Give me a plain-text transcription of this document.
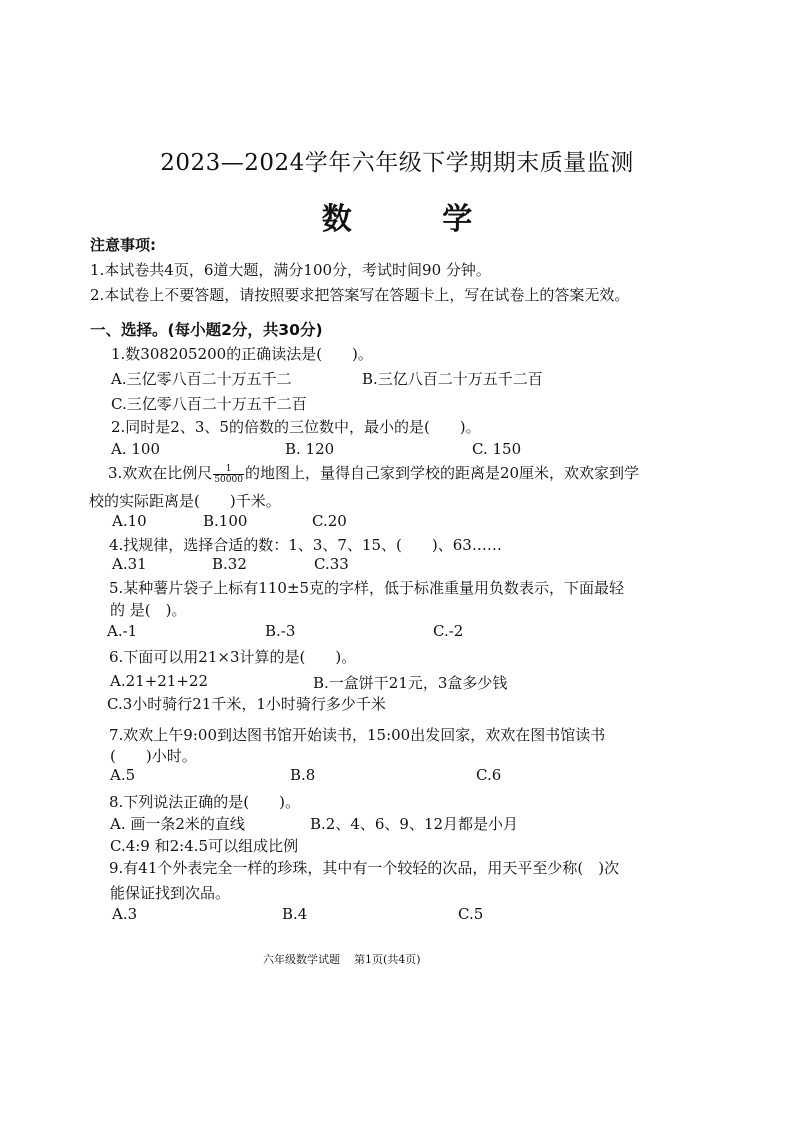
2023—2024学年六年级下学期期末质量监测
数 学
注意事项:
1.本试卷共4页，6道大题，满分100分，考试时间90 分钟。
2.本试卷上不要答题，请按照要求把答案写在答题卡上，写在试卷上的答案无效。
一、选择。(每小题2分，共30分)
1.数308205200的正确读法是(　　)。
A.三亿零八百二十万五千二	B.三亿八百二十万五千二百
C.三亿零八百二十万五千二百
2.同时是2、3、5的倍数的三位数中，最小的是(　　)。
A. 100	B. 120	C. 150
3.欢欢在比例尺 $\frac{1}{50000}$ 的地图上，量得自己家到学校的距离是20厘米，欢欢家到学
校的实际距离是(　　)千米。
A.10	B.100	C.20
4.找规律，选择合适的数：1、3、7、15、(　　)、63……
A.31	B.32	C.33
5.某种薯片袋子上标有110±5克的字样，低于标准重量用负数表示，下面最轻
的 是(　)。
A.-1	B.-3	C.-2
6.下面可以用21×3计算的是(　　)。
A.21+21+22	B.一盒饼干21元，3盒多少钱
C.3小时骑行21千米，1小时骑行多少千米
7.欢欢上午9:00到达图书馆开始读书，15:00出发回家，欢欢在图书馆读书
(　　)小时。
A.5	B.8	C.6
8.下列说法正确的是(　　)。
A. 画一条2米的直线	B.2、4、6、9、12月都是小月
C.4:9 和2:4.5可以组成比例
9.有41个外表完全一样的珍珠，其中有一个较轻的次品，用天平至少称(　)次
能保证找到次品。
A.3	B.4	C.5
六年级数学试题 第1页(共4页)
